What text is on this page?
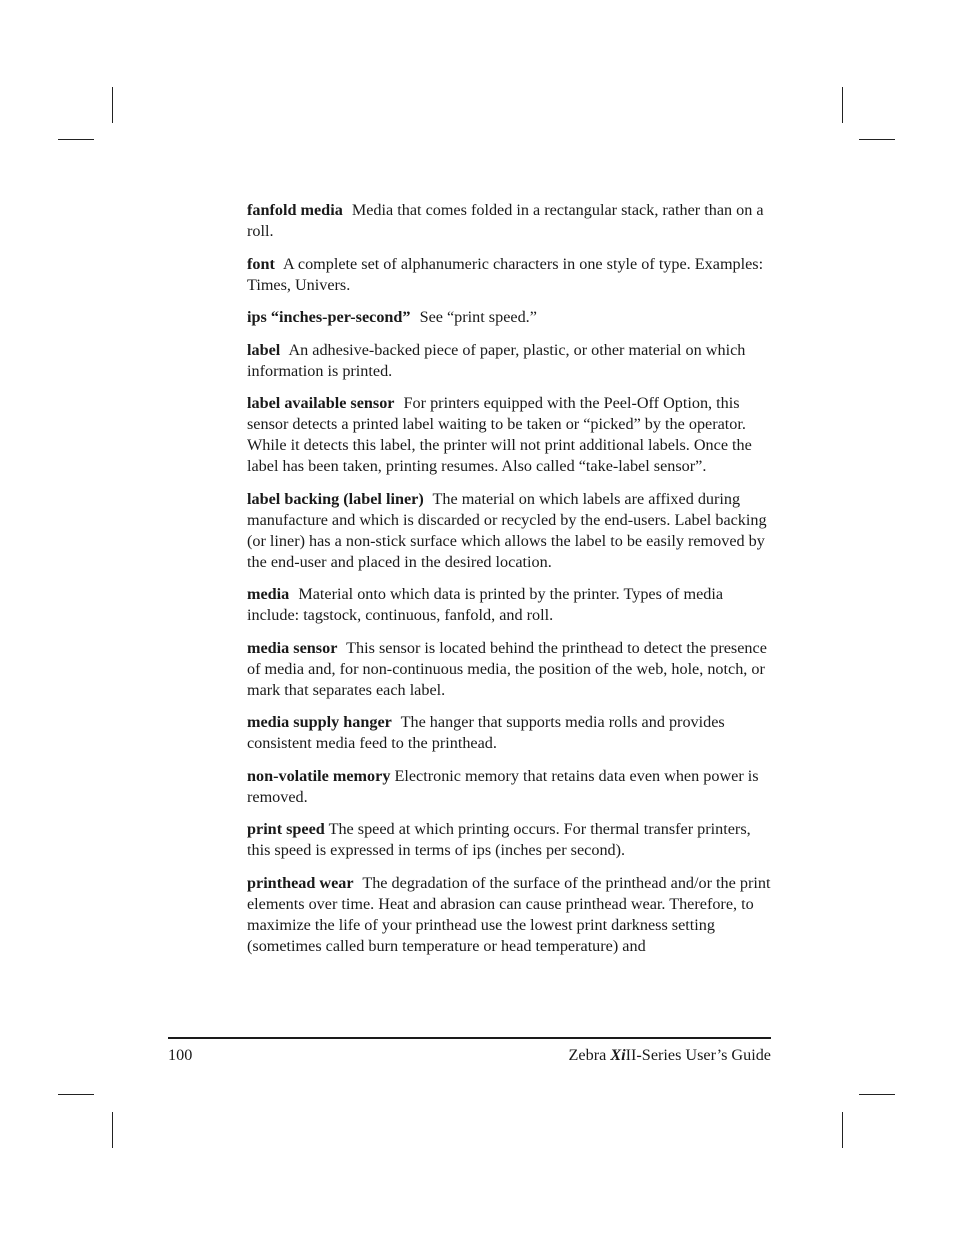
fanfold media Media that comes folded in a rectangular stack, rather than on a roll.

font A complete set of alphanumeric characters in one style of type. Examples: Times, Univers.

ips “inches-per-second” See “print speed.”

label An adhesive-backed piece of paper, plastic, or other material on which information is printed.

label available sensor For printers equipped with the Peel-Off Option, this sensor detects a printed label waiting to be taken or “picked” by the operator. While it detects this label, the printer will not print additional labels. Once the label has been taken, printing resumes. Also called “take-label sensor”.

label backing (label liner) The material on which labels are affixed during manufacture and which is discarded or recycled by the end-users. Label backing (or liner) has a non-stick surface which allows the label to be easily removed by the end-user and placed in the desired location.

media Material onto which data is printed by the printer. Types of media include: tagstock, continuous, fanfold, and roll.

media sensor This sensor is located behind the printhead to detect the presence of media and, for non-continuous media, the position of the web, hole, notch, or mark that separates each label.

media supply hanger The hanger that supports media rolls and provides consistent media feed to the printhead.

non-volatile memory Electronic memory that retains data even when power is removed.

print speed The speed at which printing occurs. For thermal transfer printers, this speed is expressed in terms of ips (inches per second).

printhead wear The degradation of the surface of the printhead and/or the print elements over time. Heat and abrasion can cause printhead wear. Therefore, to maximize the life of your printhead use the lowest print darkness setting (sometimes called burn temperature or head temperature) and

100	Zebra XiII-Series User’s Guide
